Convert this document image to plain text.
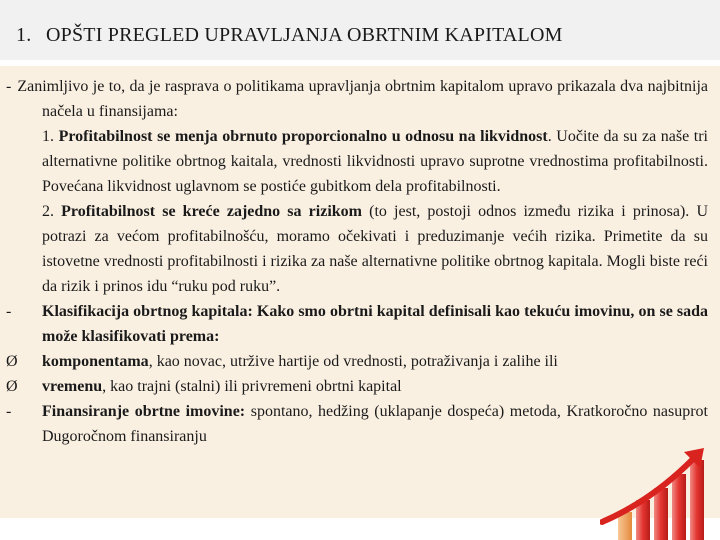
1. OPŠTI PREGLED UPRAVLJANJA OBRTNIM KAPITALOM

- Zanimljivo je to, da je rasprava o politikama upravljanja obrtnim kapitalom upravo prikazala dva najbitnija načela u finansijama:

1. Profitabilnost se menja obrnuto proporcionalno u odnosu na likvidnost. Uočite da su za naše tri alternativne politike obrtnog kaitala, vrednosti likvidnosti upravo suprotne vrednostima profitabilnosti. Povećana likvidnost uglavnom se postiće gubitkom dela profitabilnosti.

2. Profitabilnost se kreće zajedno sa rizikom (to jest, postoji odnos između rizika i prinosa). U potrazi za većom profitabilnošću, moramo očekivati i preduzimanje većih rizika. Primetite da su istovetne vrednosti profitabilnosti i rizika za naše alternativne politike obrtnog kapitala. Mogli biste reći da rizik i prinos idu “ruku pod ruku”.

- Klasifikacija obrtnog kapitala: Kako smo obrtni kapital definisali kao tekuću imovinu, on se sada može klasifikovati prema:

Ø komponentama, kao novac, utržive hartije od vrednosti, potraživanja i zalihe ili

Ø vremenu, kao trajni (stalni) ili privremeni obrtni kapital

- Finansiranje obrtne imovine: spontano, hedžing (uklapanje dospeća) metoda, Kratkoročno nasuprot Dugoročnom finansiranju
